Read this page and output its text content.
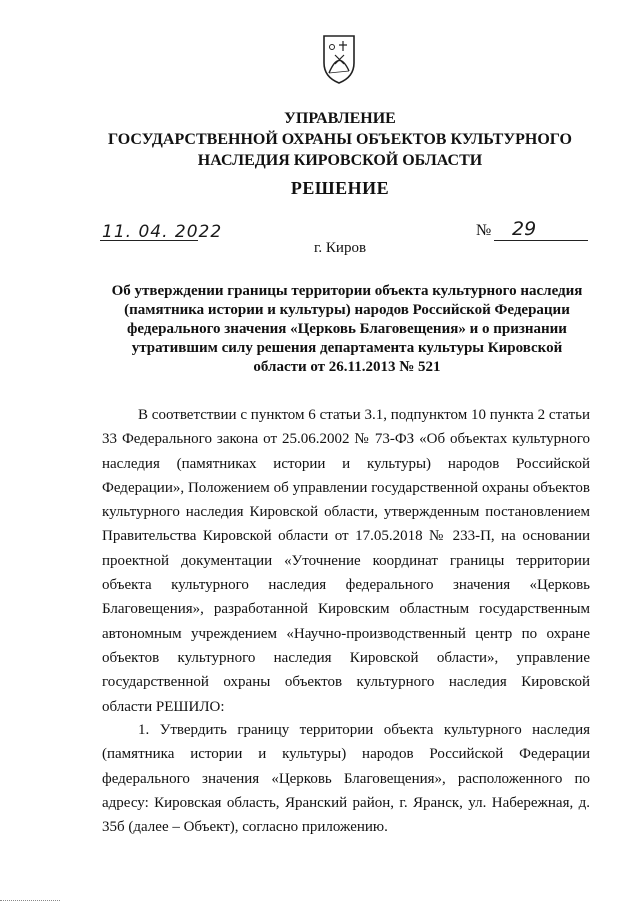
УПРАВЛЕНИЕ
ГОСУДАРСТВЕННОЙ ОХРАНЫ ОБЪЕКТОВ КУЛЬТУРНОГО
НАСЛЕДИЯ КИРОВСКОЙ ОБЛАСТИ
РЕШЕНИЕ
11. 04. 2022	№ 29
г. Киров
Об утверждении границы территории объекта культурного наследия
(памятника истории и культуры) народов Российской Федерации
федерального значения «Церковь Благовещения» и о признании
утратившим силу решения департамента культуры Кировской
области от 26.11.2013 № 521

В соответствии с пунктом 6 статьи 3.1, подпунктом 10 пункта 2 статьи 33 Федерального закона от 25.06.2002 № 73-ФЗ «Об объектах культурного наследия (памятниках истории и культуры) народов Российской Федерации», Положением об управлении государственной охраны объектов культурного наследия Кировской области, утвержденным постановлением Правительства Кировской области от 17.05.2018 № 233-П, на основании проектной документации «Уточнение координат границы территории объекта культурного наследия федерального значения «Церковь Благовещения», разработанной Кировским областным государственным автономным учреждением «Научно-производственный центр по охране объектов культурного наследия Кировской области», управление государственной охраны объектов культурного наследия Кировской области РЕШИЛО:

1. Утвердить границу территории объекта культурного наследия (памятника истории и культуры) народов Российской Федерации федерального значения «Церковь Благовещения», расположенного по адресу: Кировская область, Яранский район, г. Яранск, ул. Набережная, д. 35б (далее – Объект), согласно приложению.
